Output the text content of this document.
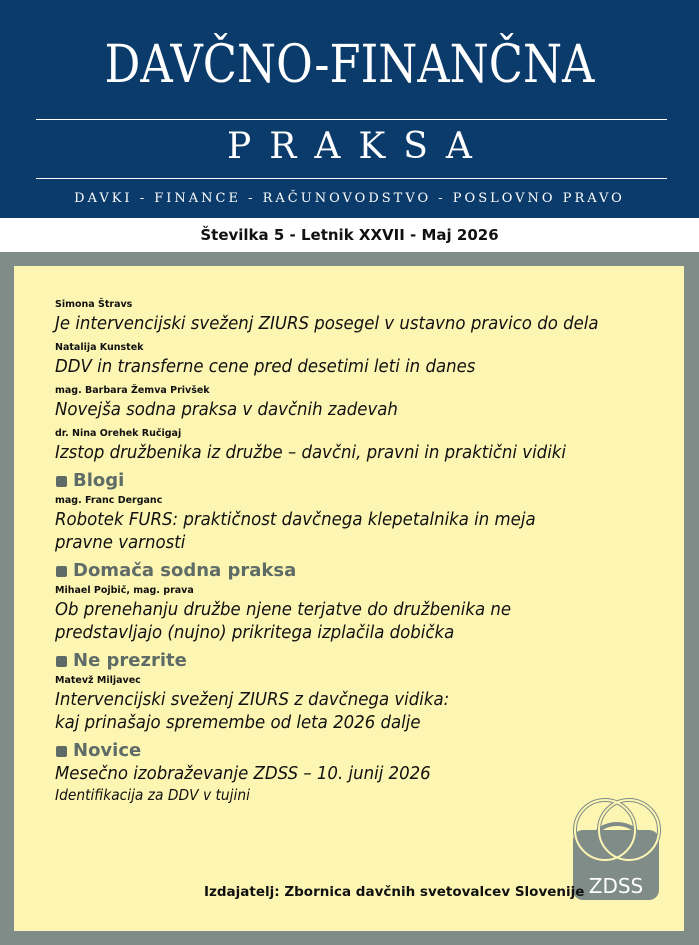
DAVČNO-FINANČNA
PRAKSA
DAVKI - FINANCE - RAČUNOVODSTVO - POSLOVNO PRAVO
Številka 5 - Letnik XXVII - Maj 2026
Simona Štravs
Je intervencijski sveženj ZIURS posegel v ustavno pravico do dela
Natalija Kunstek
DDV in transferne cene pred desetimi leti in danes
mag. Barbara Žemva Privšek
Novejša sodna praksa v davčnih zadevah
dr. Nina Orehek Ručigaj
Izstop družbenika iz družbe – davčni, pravni in praktični vidiki
Blogi
mag. Franc Derganc
Robotek FURS: praktičnost davčnega klepetalnika in meja
pravne varnosti
Domača sodna praksa
Mihael Pojbič, mag. prava
Ob prenehanju družbe njene terjatve do družbenika ne
predstavljajo (nujno) prikritega izplačila dobička
Ne prezrite
Matevž Miljavec
Intervencijski sveženj ZIURS z davčnega vidika:
kaj prinašajo spremembe od leta 2026 dalje
Novice
Mesečno izobraževanje ZDSS – 10. junij 2026
Identifikacija za DDV v tujini
ZDSS
Izdajatelj: Zbornica davčnih svetovalcev Slovenije
